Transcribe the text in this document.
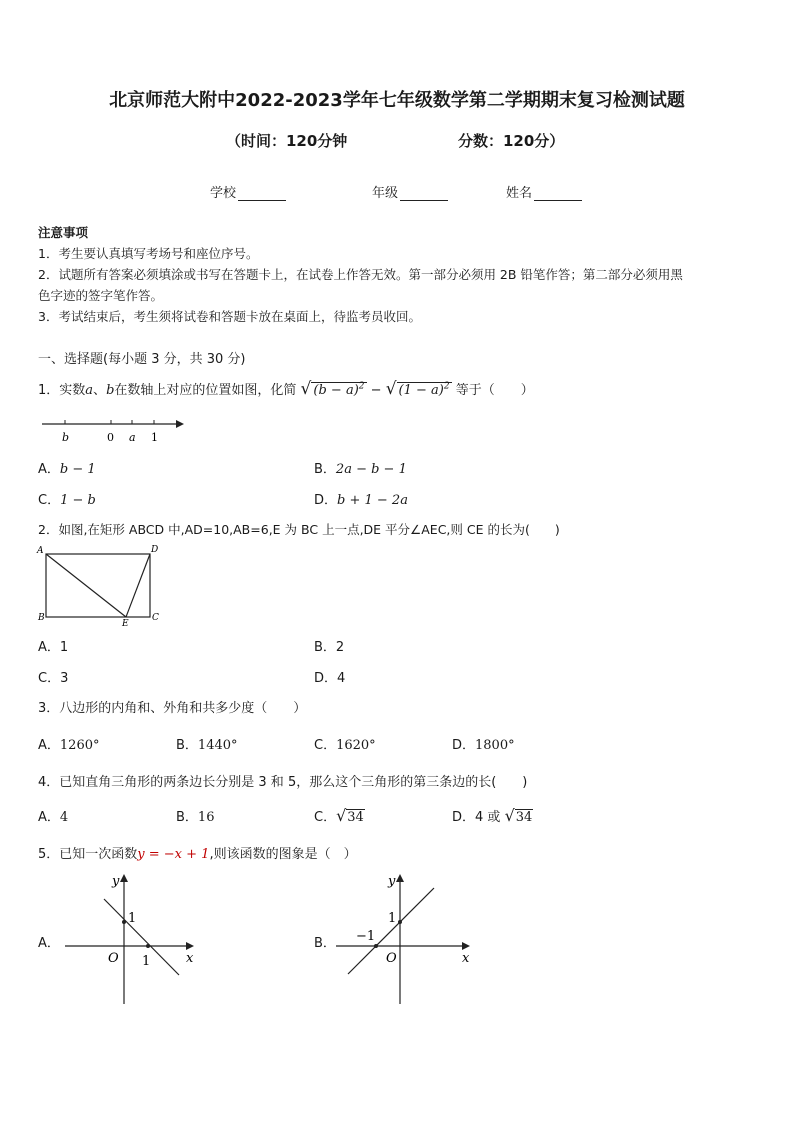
北京师范大附中2022-2023学年七年级数学第二学期期末复习检测试题
（时间：120分钟	分数：120分）
学校	年级	姓名
注意事项
1．考生要认真填写考场号和座位序号。
2．试题所有答案必须填涂或书写在答题卡上，在试卷上作答无效。第一部分必须用 2B 铅笔作答；第二部分必须用黑
色字迹的签字笔作答。
3．考试结束后，考生须将试卷和答题卡放在桌面上，待监考员收回。
一、选择题(每小题 3 分，共 30 分)
1．实数a、b在数轴上对应的位置如图，化简 √ $(b - a)^2$ − √ $(1 - a)^2$ 等于（　　）
b	0 a 1
A．b − 1	B．2a − b − 1
C．1 − b	D．b + 1 − 2a
2．如图,在矩形 ABCD 中,AD=10,AB=6,E 为 BC 上一点,DE 平分∠AEC,则 CE 的长为(　　)
A	D
B
E
C
A．1	B．2
C．3	D．4
3．八边形的内角和、外角和共多少度（　　）
A．1260°	B．1440°	C．1620°	D．1800°
4．已知直角三角形的两条边长分别是 3 和 5，那么这个三角形的第三条边的长(　　)
A．4	B．16	C．√34	D．4 或 √34
5．已知一次函数y = −x + 1,则该函数的图象是（　）
A．
y
x
O
1
1
B．
y
x
O
1
−1
